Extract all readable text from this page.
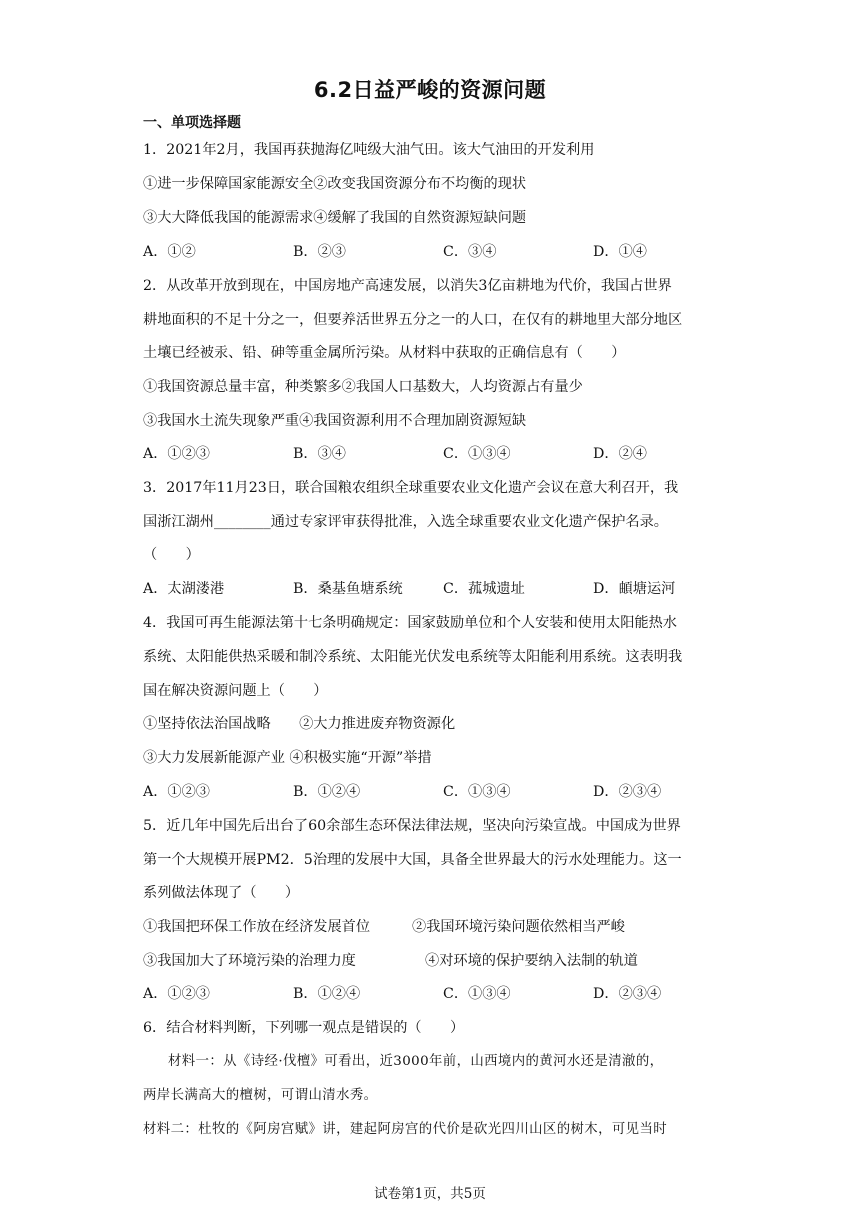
6.2日益严峻的资源问题
一、单项选择题
1．2021年2月，我国再获抛海亿吨级大油气田。该大气油田的开发利用
①进一步保障国家能源安全②改变我国资源分布不均衡的现状
③大大降低我国的能源需求④缓解了我国的自然资源短缺问题
A．①②	B．②③	C．③④	D．①④
2．从改革开放到现在，中国房地产高速发展，以消失3亿亩耕地为代价，我国占世界
耕地面积的不足十分之一，但要养活世界五分之一的人口，在仅有的耕地里大部分地区
土壤已经被汞、铅、砷等重金属所污染。从材料中获取的正确信息有（　　）
①我国资源总量丰富，种类繁多②我国人口基数大，人均资源占有量少
③我国水土流失现象严重④我国资源利用不合理加剧资源短缺
A．①②③	B．③④	C．①③④	D．②④
3．2017年11月23日，联合国粮农组织全球重要农业文化遗产会议在意大利召开，我
国浙江湖州________通过专家评审获得批准，入选全球重要农业文化遗产保护名录。
（　　）
A．太湖溇港	B．桑基鱼塘系统	C．菰城遗址	D．頔塘运河
4．我国可再生能源法第十七条明确规定：国家鼓励单位和个人安装和使用太阳能热水
系统、太阳能供热采暖和制冷系统、太阳能光伏发电系统等太阳能利用系统。这表明我
国在解决资源问题上（　　）
①坚持依法治国战略　　②大力推进废弃物资源化
③大力发展新能源产业 ④积极实施“开源”举措
A．①②③	B．①②④	C．①③④	D．②③④
5．近几年中国先后出台了60余部生态环保法律法规，坚决向污染宣战。中国成为世界
第一个大规模开展PM2．5治理的发展中大国，具备全世界最大的污水处理能力。这一
系列做法体现了（　　）
①我国把环保工作放在经济发展首位	②我国环境污染问题依然相当严峻
③我国加大了环境污染的治理力度	④对环境的保护要纳入法制的轨道
A．①②③	B．①②④	C．①③④	D．②③④
6．结合材料判断，下列哪一观点是错误的（　　）
材料一：从《诗经·伐檀》可看出，近3000年前，山西境内的黄河水还是清澈的，
两岸长满高大的檀树，可谓山清水秀。
材料二：杜牧的《阿房宫赋》讲，建起阿房宫的代价是砍光四川山区的树木，可见当时
试卷第1页，共5页
